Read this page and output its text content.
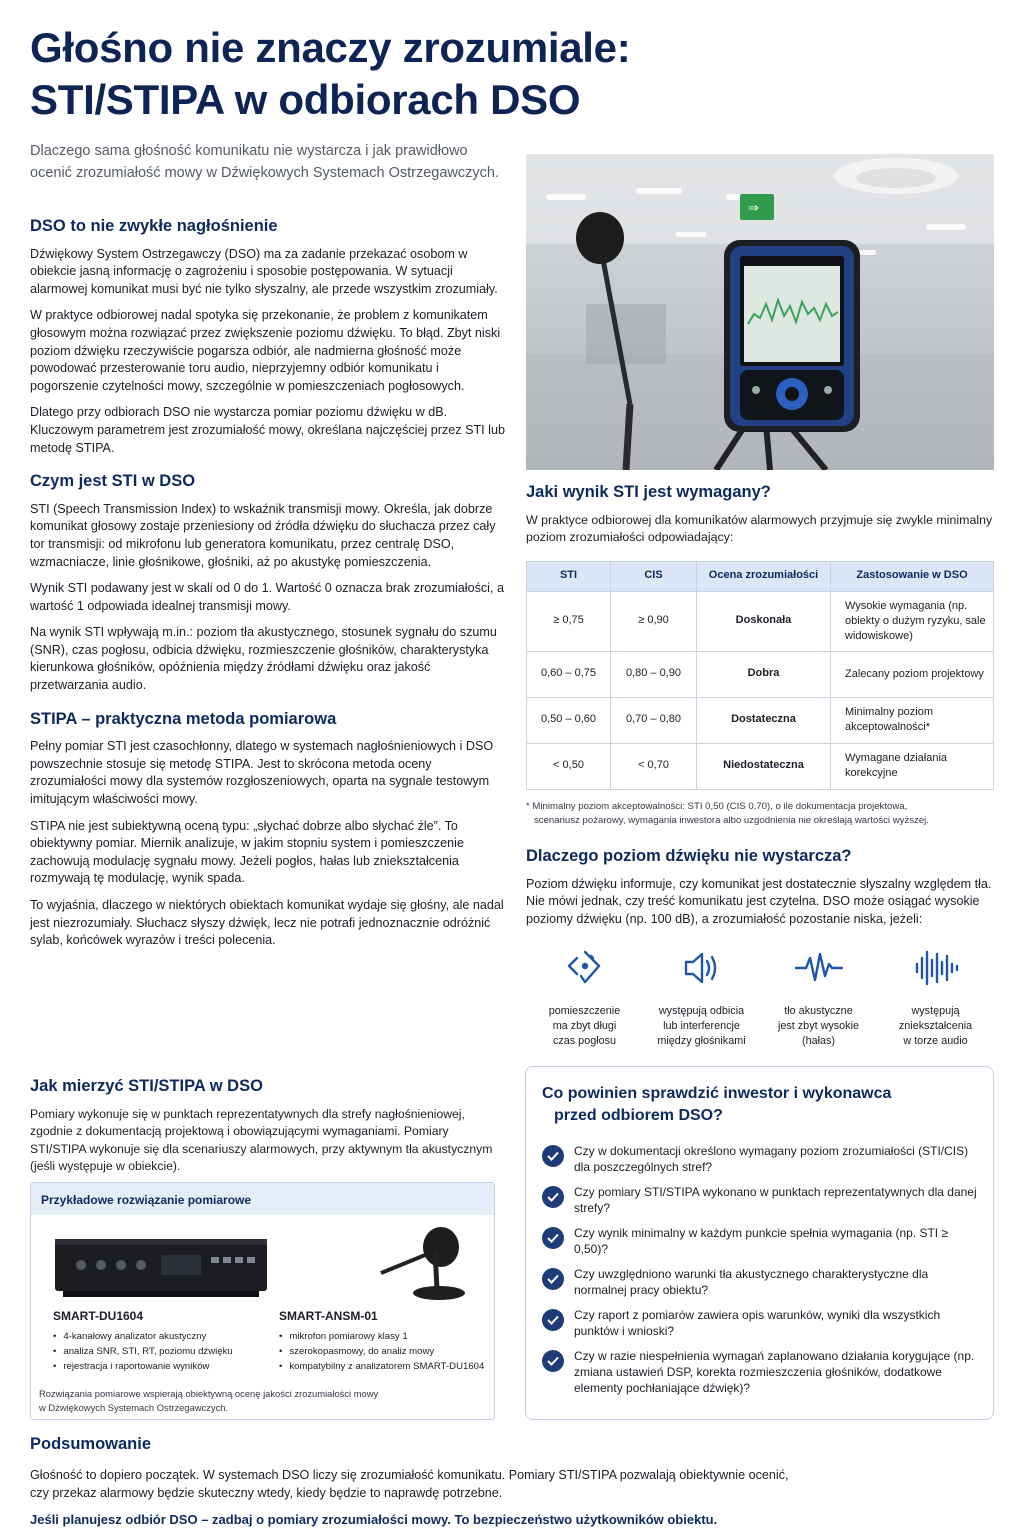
Głośno nie znaczy zrozumiale:
STI/STIPA w odbiorach DSO
Dlaczego sama głośność komunikatu nie wystarcza i jak prawidłowo
ocenić zrozumiałość mowy w Dźwiękowych Systemach Ostrzegawczych.
⇒
DSO to nie zwykłe nagłośnienie

Dźwiękowy System Ostrzegawczy (DSO) ma za zadanie przekazać osobom w obiekcie jasną informację o zagrożeniu i sposobie postępowania. W sytuacji alarmowej komunikat musi być nie tylko słyszalny, ale przede wszystkim zrozumiały.

W praktyce odbiorowej nadal spotyka się przekonanie, że problem z komunikatem głosowym można rozwiązać przez zwiększenie poziomu dźwięku. To błąd. Zbyt niski poziom dźwięku rzeczywiście pogarsza odbiór, ale nadmierna głośność może powodować przesterowanie toru audio, nieprzyjemny odbiór komunikatu i pogorszenie czytelności mowy, szczególnie w pomieszczeniach pogłosowych.

Dlatego przy odbiorach DSO nie wystarcza pomiar poziomu dźwięku w dB. Kluczowym parametrem jest zrozumiałość mowy, określana najczęściej przez STI lub metodę STIPA.

Czym jest STI w DSO

STI (Speech Transmission Index) to wskaźnik transmisji mowy. Określa, jak dobrze komunikat głosowy zostaje przeniesiony od źródła dźwięku do słuchacza przez cały tor transmisji: od mikrofonu lub generatora komunikatu, przez centralę DSO, wzmacniacze, linie głośnikowe, głośniki, aż po akustykę pomieszczenia.

Wynik STI podawany jest w skali od 0 do 1. Wartość 0 oznacza brak zrozumiałości, a wartość 1 odpowiada idealnej transmisji mowy.

Na wynik STI wpływają m.in.: poziom tła akustycznego, stosunek sygnału do szumu (SNR), czas pogłosu, odbicia dźwięku, rozmieszczenie głośników, charakterystyka kierunkowa głośników, opóźnienia między źródłami dźwięku oraz jakość przetwarzania audio.

STIPA – praktyczna metoda pomiarowa

Pełny pomiar STI jest czasochłonny, dlatego w systemach nagłośnieniowych i DSO powszechnie stosuje się metodę STIPA. Jest to skrócona metoda oceny zrozumiałości mowy dla systemów rozgłoszeniowych, oparta na sygnale testowym imitującym właściwości mowy.

STIPA nie jest subiektywną oceną typu: „słychać dobrze albo słychać źle”. To obiektywny pomiar. Miernik analizuje, w jakim stopniu system i pomieszczenie zachowują modulację sygnału mowy. Jeżeli pogłos, hałas lub zniekształcenia rozmywają tę modulację, wynik spada.

To wyjaśnia, dlaczego w niektórych obiektach komunikat wydaje się głośny, ale nadal jest niezrozumiały. Słuchacz słyszy dźwięk, lecz nie potrafi jednoznacznie odróżnić sylab, końcówek wyrazów i treści polecenia.

Jaki wynik STI jest wymagany?

W praktyce odbiorowej dla komunikatów alarmowych przyjmuje się zwykle minimalny poziom zrozumiałości odpowiadający:

STI	CIS	Ocena zrozumiałości	Zastosowanie w DSO
≥ 0,75	≥ 0,90	Doskonała	Wysokie wymagania (np. obiekty o dużym ryzyku, sale widowiskowe)
0,60 – 0,75	0,80 – 0,90	Dobra	Zalecany poziom projektowy
0,50 – 0,60	0,70 – 0,80	Dostateczna	Minimalny poziom akceptowalności*
< 0,50	< 0,70	Niedostateczna	Wymagane działania korekcyjne
* Minimalny poziom akceptowalności: STI 0,50 (CIS 0,70), o ile dokumentacja projektowa,
scenariusz pożarowy, wymagania inwestora albo uzgodnienia nie określają wartości wyższej.
Dlaczego poziom dźwięku nie wystarcza?

Poziom dźwięku informuje, czy komunikat jest dostatecznie słyszalny względem tła. Nie mówi jednak, czy treść komunikatu jest czytelna. DSO może osiągać wysokie poziomy dźwięku (np. 100 dB), a zrozumiałość pozostanie niska, jeżeli:

pomieszczenie
ma zbyt długi
czas pogłosu
występują odbicia
lub interferencje
między głośnikami
tło akustyczne
jest zbyt wysokie
(hałas)
występują
zniekształcenia
w torze audio
Jak mierzyć STI/STIPA w DSO

Pomiary wykonuje się w punktach reprezentatywnych dla strefy nagłośnieniowej, zgodnie z dokumentacją projektową i obowiązującymi wymaganiami. Pomiary STI/STIPA wykonuje się dla scenariuszy alarmowych, przy aktywnym tła akustycznym (jeśli występuje w obiekcie).

Przykładowe rozwiązanie pomiarowe
SMART-DU1604
• 4-kanałowy analizator akustyczny
• analiza SNR, STI, RT, poziomu dźwięku
• rejestracja i raportowanie wyników
SMART-ANSM-01
• mikrofon pomiarowy klasy 1
• szerokopasmowy, do analiz mowy
• kompatybilny z analizatorem SMART-DU1604
Rozwiązania pomiarowe wspierają obiektywną ocenę jakości zrozumiałości mowy
w Dźwiękowych Systemach Ostrzegawczych.
Co powinien sprawdzić inwestor i wykonawca
przed odbiorem DSO?
Czy w dokumentacji określono wymagany poziom zrozumiałości (STI/CIS) dla poszczególnych stref?
Czy pomiary STI/STIPA wykonano w punktach reprezentatywnych dla danej strefy?
Czy wynik minimalny w każdym punkcie spełnia wymagania (np. STI ≥ 0,50)?
Czy uwzględniono warunki tła akustycznego charakterystyczne dla normalnej pracy obiektu?
Czy raport z pomiarów zawiera opis warunków, wyniki dla wszystkich punktów i wnioski?
Czy w razie niespełnienia wymagań zaplanowano działania korygujące (np. zmiana ustawień DSP, korekta rozmieszczenia głośników, dodatkowe elementy pochłaniające dźwięk)?
Podsumowanie
Głośność to dopiero początek. W systemach DSO liczy się zrozumiałość komunikatu. Pomiary STI/STIPA pozwalają obiektywnie ocenić,
czy przekaz alarmowy będzie skuteczny wtedy, kiedy będzie to naprawdę potrzebne.
Jeśli planujesz odbiór DSO – zadbaj o pomiary zrozumiałości mowy. To bezpieczeństwo użytkowników obiektu.
